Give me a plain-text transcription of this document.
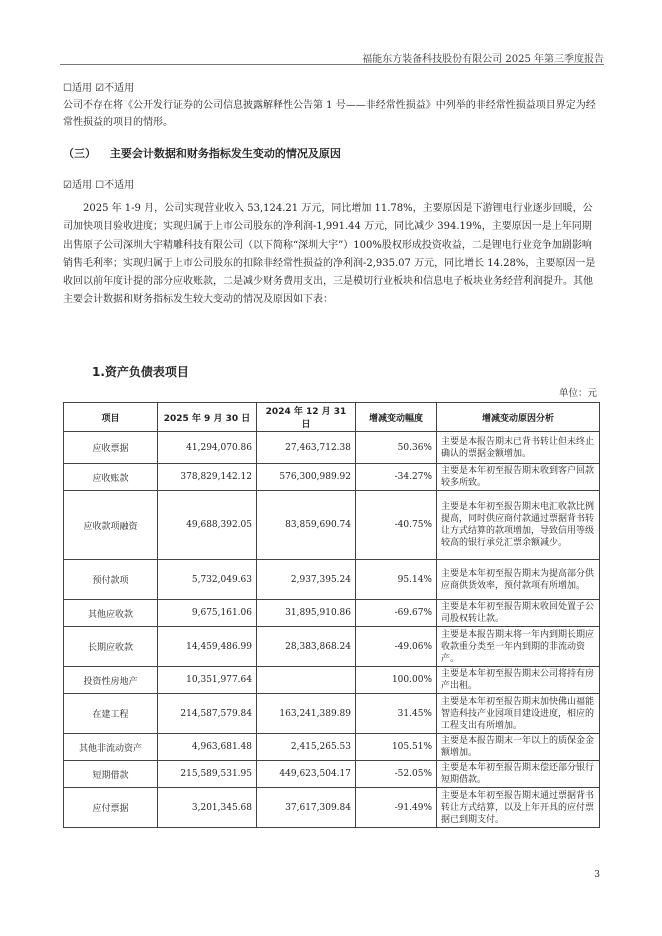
福能东方装备科技股份有限公司 2025 年第三季度报告

☐适用 ☑不适用

公司不存在将《公开发行证券的公司信息披露解释性公告第 1 号——非经常性损益》中列举的非经常性损益项目界定为经常性损益的项目的情形。

（三） 主要会计数据和财务指标发生变动的情况及原因

☑适用 ☐不适用

2025 年 1-9 月，公司实现营业收入 53,124.21 万元，同比增加 11.78%，主要原因是下游锂电行业逐步回暖，公司加快项目验收进度；实现归属于上市公司股东的净利润-1,991.44 万元，同比减少 394.19%，主要原因一是上年同期出售原子公司深圳大宇精雕科技有限公司（以下简称“深圳大宇”）100%股权形成投资收益，二是锂电行业竞争加剧影响销售毛利率；实现归属于上市公司股东的扣除非经常性损益的净利润-2,935.07 万元，同比增长 14.28%，主要原因一是收回以前年度计提的部分应收账款，二是减少财务费用支出，三是模切行业板块和信息电子板块业务经营利润提升。其他主要会计数据和财务指标发生较大变动的情况及原因如下表：

1.资产负债表项目
单位：元
项目	2025 年 9 月 30 日	2024 年 12 月 31 日	增减变动幅度	增减变动原因分析
应收票据	41,294,070.86	27,463,712.38	50.36%	主要是本报告期末已背书转让但未终止确认的票据金额增加。
应收账款	378,829,142.12	576,300,989.92	-34.27%	主要是本年初至报告期末收到客户回款较多所致。
应收款项融资	49,688,392.05	83,859,690.74	-40.75%	主要是本年初至报告期末电汇收款比例提高，同时供应商付款通过票据背书转让方式结算的款项增加，导致信用等级较高的银行承兑汇票余额减少。
预付款项	5,732,049.63	2,937,395.24	95.14%	主要是本年初至报告期末为提高部分供应商供货效率，预付款项有所增加。
其他应收款	9,675,161.06	31,895,910.86	-69.67%	主要是本年初至报告期末收回处置子公司股权转让款。
长期应收款	14,459,486.99	28,383,868.24	-49.06%	主要是本报告期末将一年内到期长期应收款重分类至一年内到期的非流动资产。
投资性房地产	10,351,977.64		100.00%	主要是本年初至报告期末公司将持有房产出租。
在建工程	214,587,579.84	163,241,389.89	31.45%	主要是本年初至报告期末加快佛山福能智造科技产业园项目建设进度，相应的工程支出有所增加。
其他非流动资产	4,963,681.48	2,415,265.53	105.51%	主要是本报告期末一年以上的质保金金额增加。
短期借款	215,589,531.95	449,623,504.17	-52.05%	主要是本年初至报告期末偿还部分银行短期借款。
应付票据	3,201,345.68	37,617,309.84	-91.49%	主要是本年初至报告期末通过票据背书转让方式结算，以及上年开具的应付票据已到期支付。
3
